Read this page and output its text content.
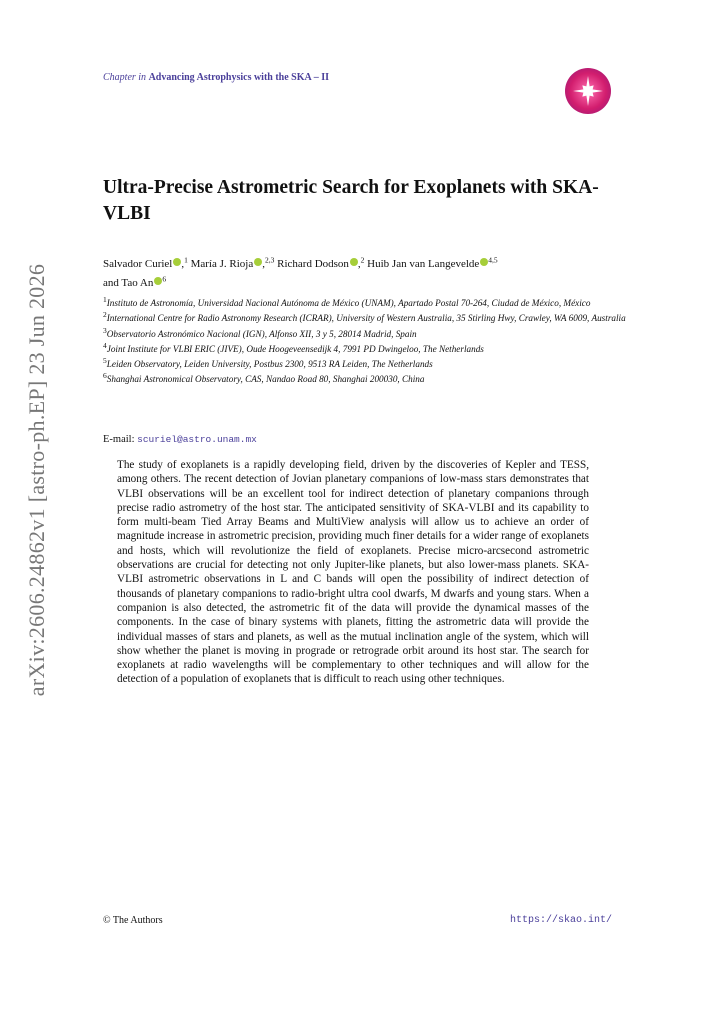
arXiv:2606.24862v1 [astro-ph.EP] 23 Jun 2026
Chapter in Advancing Astrophysics with the SKA – II
Ultra-Precise Astrometric Search for Exoplanets with SKA-VLBI
Salvador Curiel ,$^1$ María J. Rioja ,$^{2,3}$ Richard Dodson ,$^2$ Huib Jan van Langevelde $^{4,5}$
and Tao An $^6$
$^1$Instituto de Astronomía, Universidad Nacional Autónoma de México (UNAM), Apartado Postal 70-264, Ciudad de México, México
$^2$International Centre for Radio Astronomy Research (ICRAR), University of Western Australia, 35 Stirling Hwy, Crawley, WA 6009, Australia
$^3$Observatorio Astronómico Nacional (IGN), Alfonso XII, 3 y 5, 28014 Madrid, Spain
$^4$Joint Institute for VLBI ERIC (JIVE), Oude Hoogeveensedijk 4, 7991 PD Dwingeloo, The Netherlands
$^5$Leiden Observatory, Leiden University, Postbus 2300, 9513 RA Leiden, The Netherlands
$^6$Shanghai Astronomical Observatory, CAS, Nandao Road 80, Shanghai 200030, China
E-mail: scuriel@astro.unam.mx
The study of exoplanets is a rapidly developing field, driven by the discoveries of Kepler and TESS, among others. The recent detection of Jovian planetary companions of low-mass stars demonstrates that VLBI observations will be an excellent tool for indirect detection of planetary companions through precise radio astrometry of the host star. The anticipated sensitivity of SKA-VLBI and its capability to form multi-beam Tied Array Beams and MultiView analysis will allow us to achieve an order of magnitude increase in astrometric precision, providing much finer details for a wider range of exoplanets and hosts, which will revolutionize the field of exoplanets. Precise micro-arcsecond astrometric observations are crucial for detecting not only Jupiter-like planets, but also lower-mass planets. SKA-VLBI astrometric observations in L and C bands will open the possibility of indirect detection of thousands of planetary companions to radio-bright ultra cool dwarfs, M dwarfs and young stars. When a companion is also detected, the astrometric fit of the data will provide the dynamical masses of the components. In the case of binary systems with planets, fitting the astrometric data will provide the individual masses of stars and planets, as well as the mutual inclination angle of the system, which will show whether the planet is moving in prograde or retrograde orbit around its host star. The search for exoplanets at radio wavelengths will be complementary to other techniques and will allow for the detection of a population of exoplanets that is difficult to reach using other techniques.
© The Authors	https://skao.int/
